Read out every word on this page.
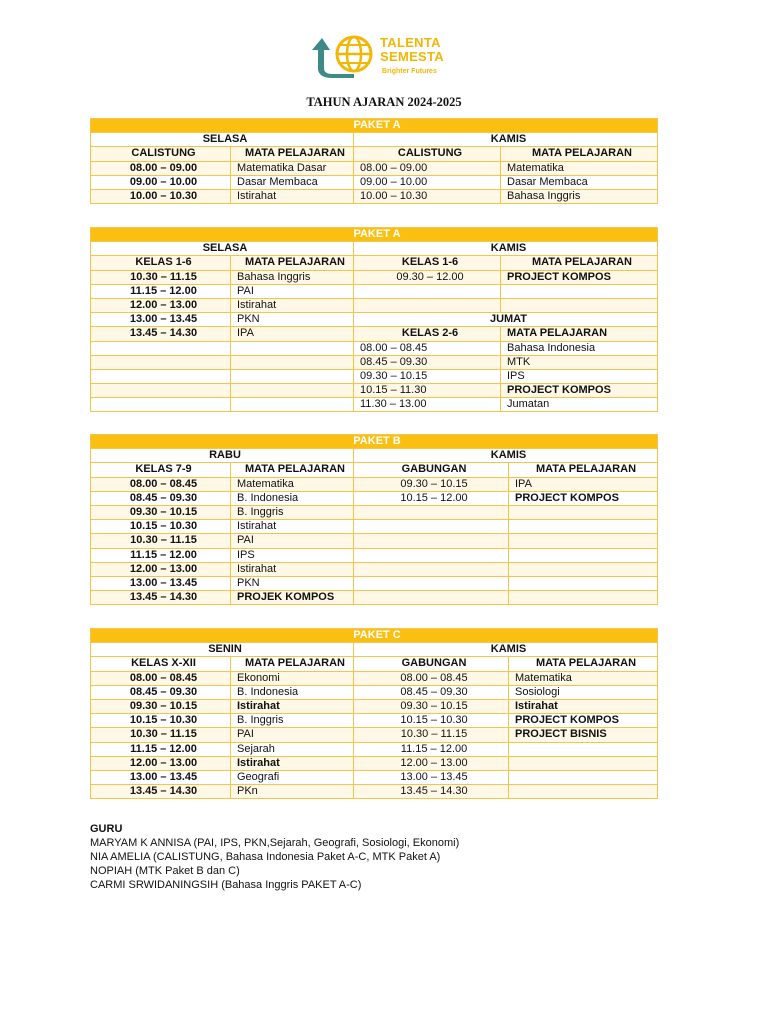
TALENTA
SEMESTA
Brighter Futures
TAHUN AJARAN 2024-2025
PAKET A			
SELASA		KAMIS	
CALISTUNG	MATA PELAJARAN	CALISTUNG	MATA PELAJARAN
08.00 – 09.00	Matematika Dasar	08.00 – 09.00	Matematika
09.00 – 10.00	Dasar Membaca	09.00 – 10.00	Dasar Membaca
10.00 – 10.30	Istirahat	10.00 – 10.30	Bahasa Inggris
PAKET A			
SELASA		KAMIS	
KELAS 1-6	MATA PELAJARAN	KELAS 1-6	MATA PELAJARAN
10.30 – 11.15	Bahasa Inggris	09.30 – 12.00	PROJECT KOMPOS
11.15 – 12.00	PAI		
12.00 – 13.00	Istirahat		
13.00 – 13.45	PKN	JUMAT	
13.45 – 14.30	IPA	KELAS 2-6	MATA PELAJARAN
		08.00 – 08.45	Bahasa Indonesia
		08.45 – 09.30	MTK
		09.30 – 10.15	IPS
		10.15 – 11.30	PROJECT KOMPOS
		11.30 – 13.00	Jumatan
PAKET B			
RABU		KAMIS	
KELAS 7-9	MATA PELAJARAN	GABUNGAN	MATA PELAJARAN
08.00 – 08.45	Matematika	09.30 – 10.15	IPA
08.45 – 09.30	B. Indonesia	10.15 – 12.00	PROJECT KOMPOS
09.30 – 10.15	B. Inggris		
10.15 – 10.30	Istirahat		
10.30 – 11.15	PAI		
11.15 – 12.00	IPS		
12.00 – 13.00	Istirahat		
13.00 – 13.45	PKN		
13.45 – 14.30	PROJEK KOMPOS		
PAKET C			
SENIN		KAMIS	
KELAS X-XII	MATA PELAJARAN	GABUNGAN	MATA PELAJARAN
08.00 – 08.45	Ekonomi	08.00 – 08.45	Matematika
08.45 – 09.30	B. Indonesia	08.45 – 09.30	Sosiologi
09.30 – 10.15	Istirahat	09.30 – 10.15	Istirahat
10.15 – 10.30	B. Inggris	10.15 – 10.30	PROJECT KOMPOS
10.30 – 11.15	PAI	10.30 – 11.15	PROJECT BISNIS
11.15 – 12.00	Sejarah	11.15 – 12.00	
12.00 – 13.00	Istirahat	12.00 – 13.00	
13.00 – 13.45	Geografi	13.00 – 13.45	
13.45 – 14.30	PKn	13.45 – 14.30	
GURU
MARYAM K ANNISA (PAI, IPS, PKN,Sejarah, Geografi, Sosiologi, Ekonomi)
NIA AMELIA (CALISTUNG, Bahasa Indonesia Paket A-C, MTK Paket A)
NOPIAH (MTK Paket B dan C)
CARMI SRWIDANINGSIH (Bahasa Inggris PAKET A-C)
